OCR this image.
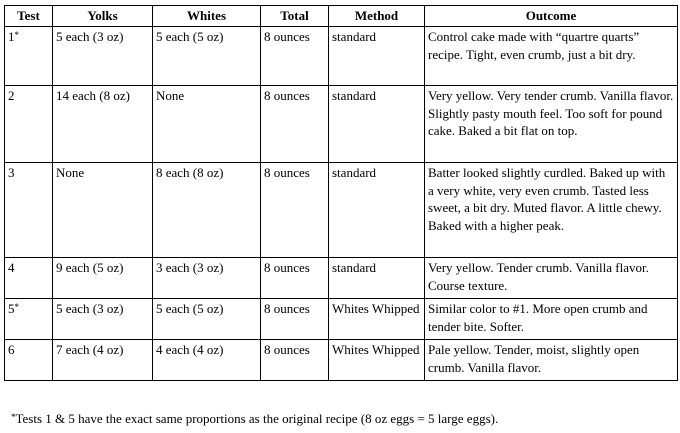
Test	Yolks	Whites	Total	Method	Outcome
1*	5 each (3 oz)	5 each (5 oz)	8 ounces	standard	Control cake made with “quartre quarts” recipe. Tight, even crumb, just a bit dry.
2	14 each (8 oz)	None	8 ounces	standard	Very yellow. Very tender crumb. Vanilla flavor. Slightly pasty mouth feel. Too soft for pound cake. Baked a bit flat on top.
3	None	8 each (8 oz)	8 ounces	standard	Batter looked slightly curdled. Baked up with a very white, very even crumb. Tasted less sweet, a bit dry. Muted flavor. A little chewy. Baked with a higher peak.
4	9 each (5 oz)	3 each (3 oz)	8 ounces	standard	Very yellow. Tender crumb. Vanilla flavor. Course texture.
5*	5 each (3 oz)	5 each (5 oz)	8 ounces	Whites Whipped	Similar color to #1. More open crumb and tender bite. Softer.
6	7 each (4 oz)	4 each (4 oz)	8 ounces	Whites Whipped	Pale yellow. Tender, moist, slightly open crumb. Vanilla flavor.
*Tests 1 & 5 have the exact same proportions as the original recipe (8 oz eggs = 5 large eggs).
